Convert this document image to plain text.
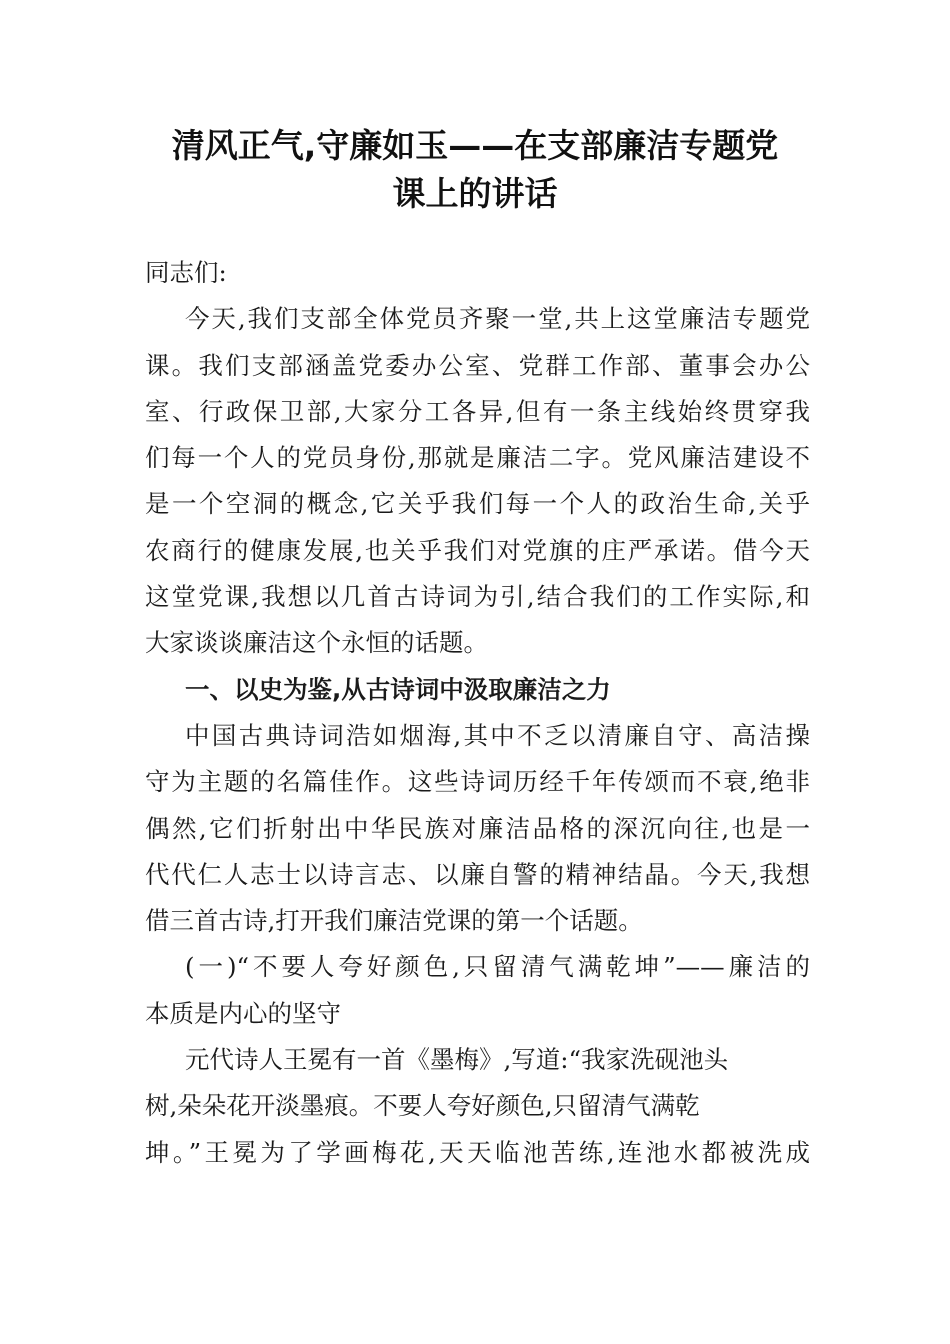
清风正气,守廉如玉——在支部廉洁专题党
课上的讲话
同志们:
今天,我们支部全体党员齐聚一堂,共上这堂廉洁专题党
课。我们支部涵盖党委办公室、党群工作部、董事会办公
室、行政保卫部,大家分工各异,但有一条主线始终贯穿我
们每一个人的党员身份,那就是廉洁二字。党风廉洁建设不
是一个空洞的概念,它关乎我们每一个人的政治生命,关乎
农商行的健康发展,也关乎我们对党旗的庄严承诺。借今天
这堂党课,我想以几首古诗词为引,结合我们的工作实际,和
大家谈谈廉洁这个永恒的话题。
一、以史为鉴,从古诗词中汲取廉洁之力
中国古典诗词浩如烟海,其中不乏以清廉自守、高洁操
守为主题的名篇佳作。这些诗词历经千年传颂而不衰,绝非
偶然,它们折射出中华民族对廉洁品格的深沉向往,也是一
代代仁人志士以诗言志、以廉自警的精神结晶。今天,我想
借三首古诗,打开我们廉洁党课的第一个话题。
(一)“不要人夸好颜色,只留清气满乾坤”——廉洁的
本质是内心的坚守
元代诗人王冕有一首《墨梅》,写道:“我家洗砚池头
树,朵朵花开淡墨痕。不要人夸好颜色,只留清气满乾
坤。”王冕为了学画梅花,天天临池苦练,连池水都被洗成
